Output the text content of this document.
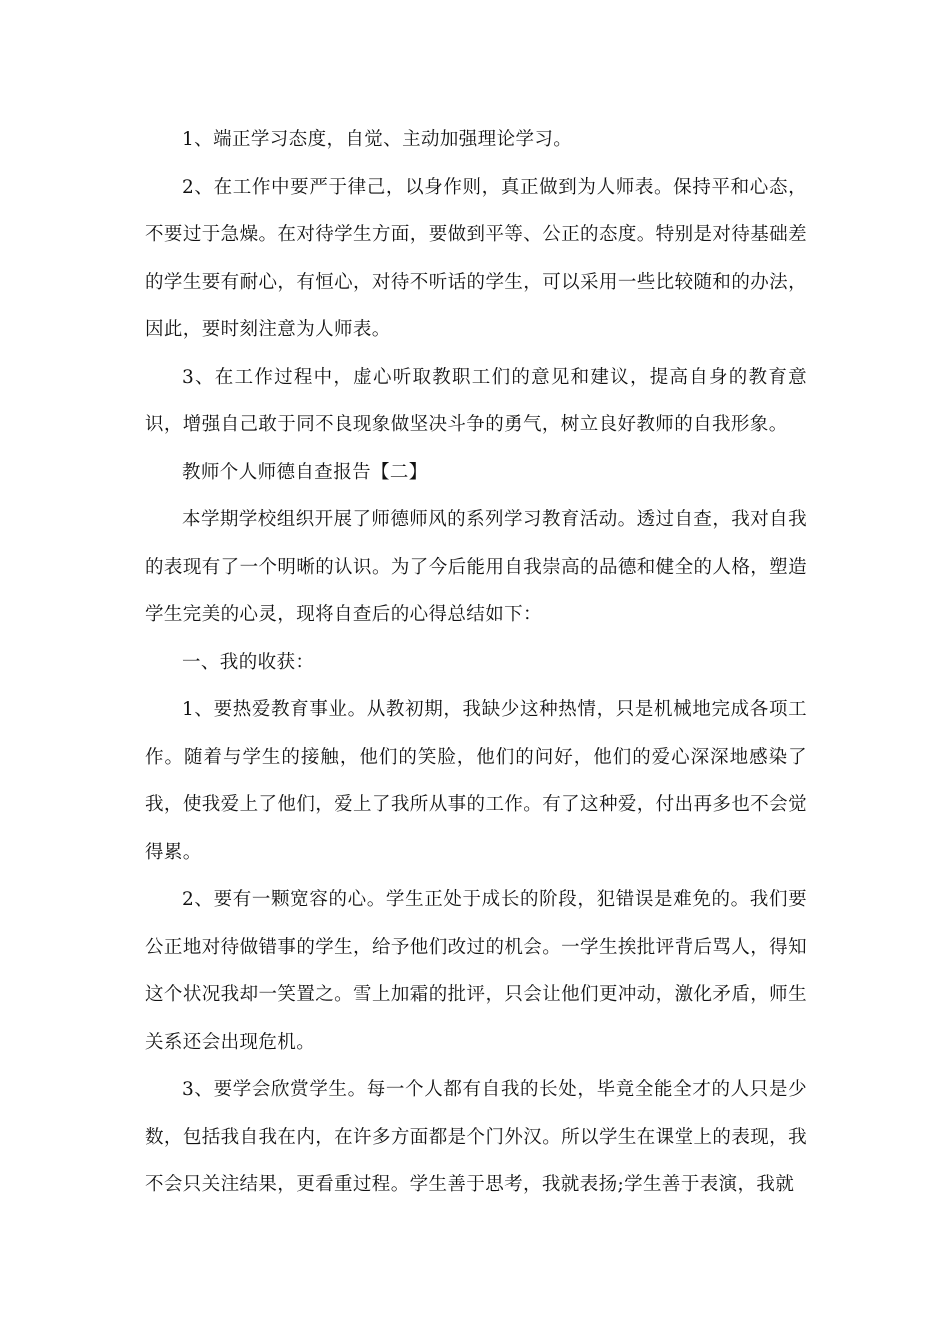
1、端正学习态度，自觉、主动加强理论学习。

2、在工作中要严于律己，以身作则，真正做到为人师表。保持平和心态，不要过于急燥。在对待学生方面，要做到平等、公正的态度。特别是对待基础差的学生要有耐心，有恒心，对待不听话的学生，可以采用一些比较随和的办法，因此，要时刻注意为人师表。

3、在工作过程中，虚心听取教职工们的意见和建议，提高自身的教育意识，增强自己敢于同不良现象做坚决斗争的勇气，树立良好教师的自我形象。

教师个人师德自查报告【二】

本学期学校组织开展了师德师风的系列学习教育活动。透过自查，我对自我的表现有了一个明晰的认识。为了今后能用自我崇高的品德和健全的人格，塑造学生完美的心灵，现将自查后的心得总结如下：

一、我的收获：

1、要热爱教育事业。从教初期，我缺少这种热情，只是机械地完成各项工作。随着与学生的接触，他们的笑脸，他们的问好，他们的爱心深深地感染了我，使我爱上了他们，爱上了我所从事的工作。有了这种爱，付出再多也不会觉得累。

2、要有一颗宽容的心。学生正处于成长的阶段，犯错误是难免的。我们要公正地对待做错事的学生，给予他们改过的机会。一学生挨批评背后骂人，得知这个状况我却一笑置之。雪上加霜的批评，只会让他们更冲动，激化矛盾，师生关系还会出现危机。

3、要学会欣赏学生。每一个人都有自我的长处，毕竟全能全才的人只是少数，包括我自我在内，在许多方面都是个门外汉。所以学生在课堂上的表现，我不会只关注结果，更看重过程。学生善于思考，我就表扬;学生善于表演，我就
